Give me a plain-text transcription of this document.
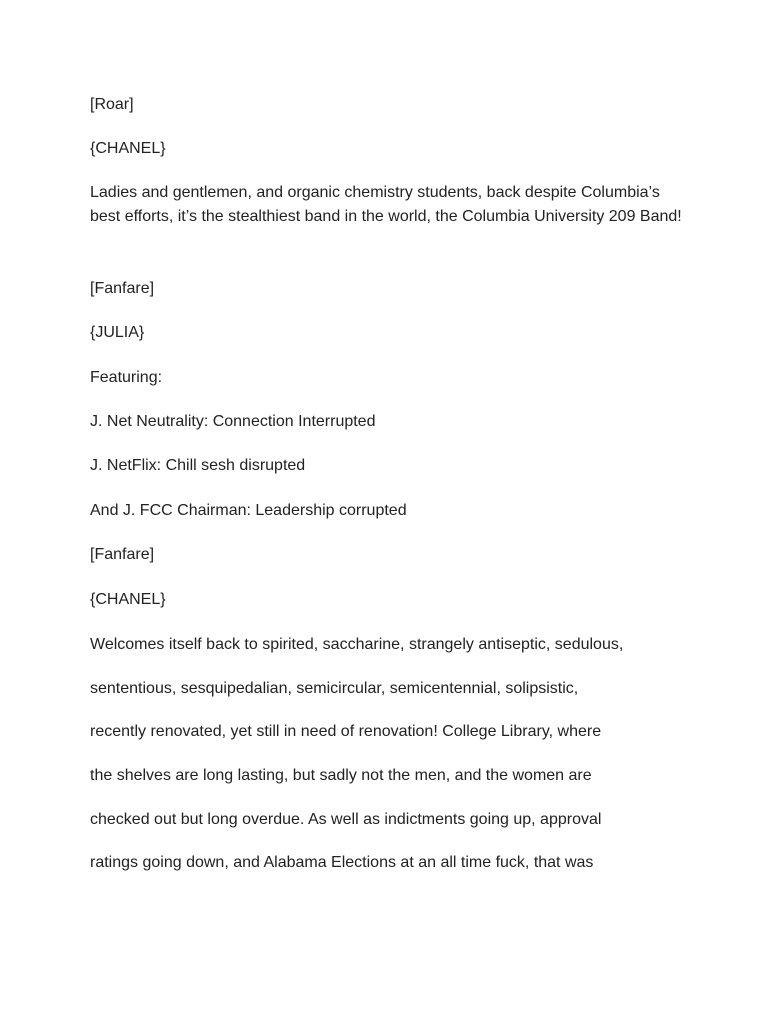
[Roar]

{CHANEL}

Ladies and gentlemen, and organic chemistry students, back despite Columbia’s best efforts, it’s the stealthiest band in the world, the Columbia University 209 Band!

[Fanfare]

{JULIA}

Featuring:

J. Net Neutrality: Connection Interrupted

J. NetFlix: Chill sesh disrupted

And J. FCC Chairman: Leadership corrupted

[Fanfare]

{CHANEL}

Welcomes itself back to spirited, saccharine, strangely antiseptic, sedulous,

sententious, sesquipedalian, semicircular, semicentennial, solipsistic,

recently renovated, yet still in need of renovation! College Library, where

the shelves are long lasting, but sadly not the men, and the women are

checked out but long overdue. As well as indictments going up, approval

ratings going down, and Alabama Elections at an all time fuck, that was
